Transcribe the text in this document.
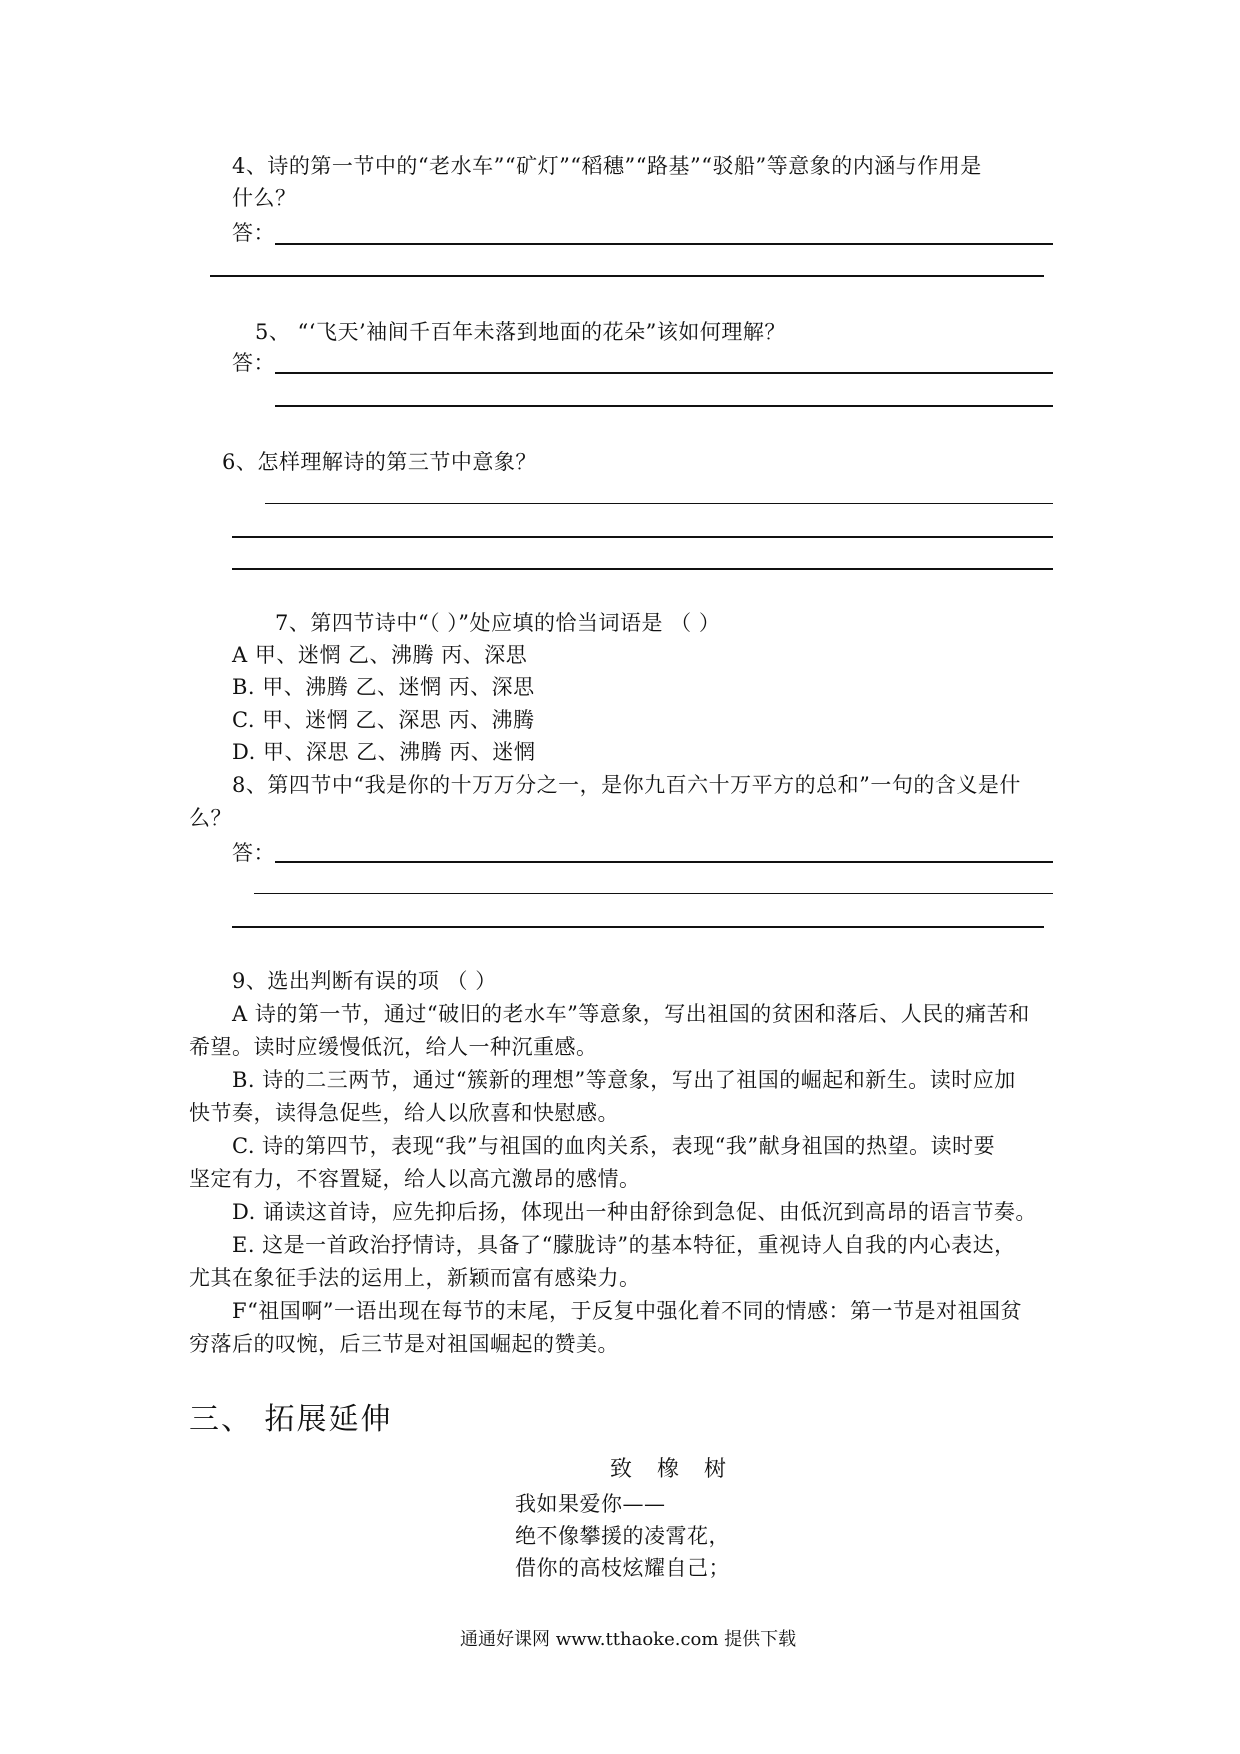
4、诗的第一节中的“老水车”“矿灯”“稻穗”“路基”“驳船”等意象的内涵与作用是
什么？
答：
5、 “‘飞天’袖间千百年未落到地面的花朵”该如何理解？
答：
6、怎样理解诗的第三节中意象？
7、第四节诗中“（ ）”处应填的恰当词语是 （ ）
A 甲、迷惘 乙、沸腾 丙、深思
B. 甲、沸腾 乙、迷惘 丙、深思
C. 甲、迷惘 乙、深思 丙、沸腾
D. 甲、深思 乙、沸腾 丙、迷惘
8、第四节中“我是你的十万万分之一，是你九百六十万平方的总和”一句的含义是什
么？
答：
9、选出判断有误的项 （ ）
A 诗的第一节，通过“破旧的老水车”等意象，写出祖国的贫困和落后、人民的痛苦和
希望。读时应缓慢低沉，给人一种沉重感。
B. 诗的二三两节，通过“簇新的理想”等意象，写出了祖国的崛起和新生。读时应加
快节奏，读得急促些，给人以欣喜和快慰感。
C. 诗的第四节，表现“我”与祖国的血肉关系，表现“我”献身祖国的热望。读时要
坚定有力，不容置疑，给人以高亢激昂的感情。
D. 诵读这首诗，应先抑后扬，体现出一种由舒徐到急促、由低沉到高昂的语言节奏。
E. 这是一首政治抒情诗，具备了“朦胧诗”的基本特征，重视诗人自我的内心表达，
尤其在象征手法的运用上，新颖而富有感染力。
F“祖国啊”一语出现在每节的末尾，于反复中强化着不同的情感：第一节是对祖国贫
穷落后的叹惋，后三节是对祖国崛起的赞美。
三、 拓展延伸
致 橡 树
我如果爱你——
绝不像攀援的凌霄花，
借你的高枝炫耀自己；
通通好课网 www.tthaoke.com 提供下载
